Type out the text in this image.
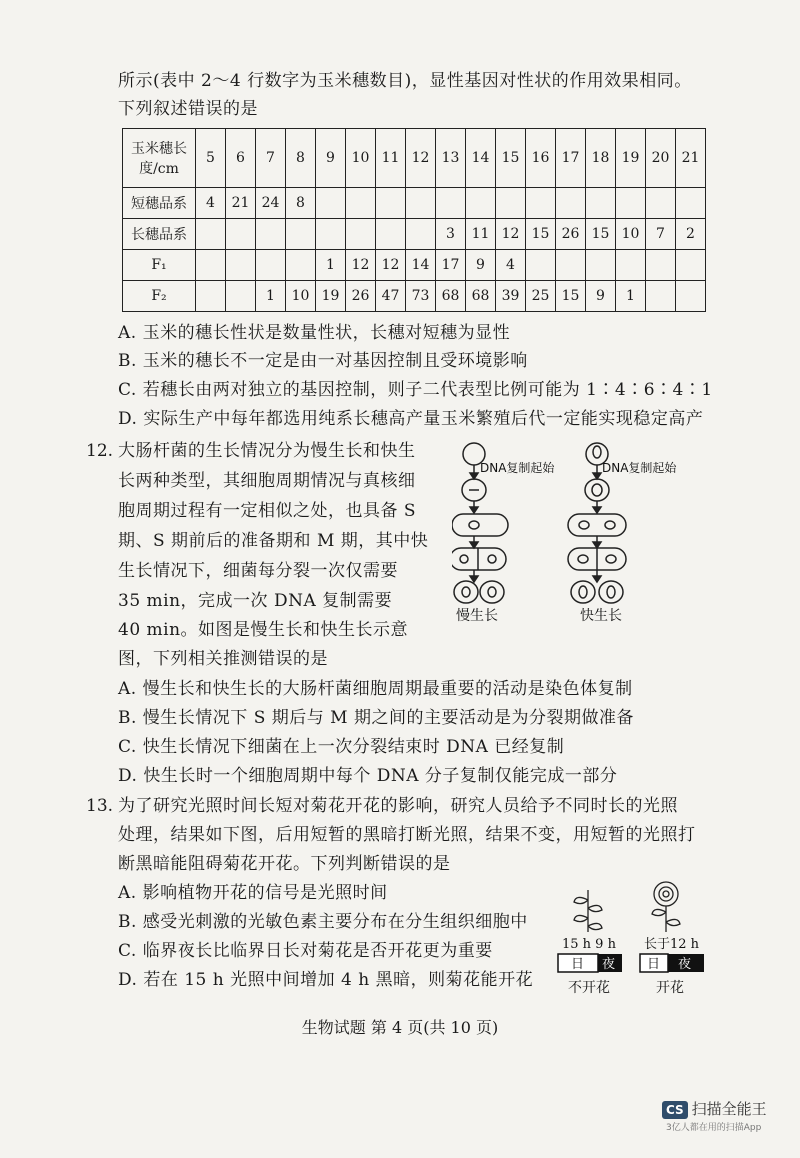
所示(表中 2～4 行数字为玉米穗数目)，显性基因对性状的作用效果相同。
下列叙述错误的是
玉米穗长度/cm	5	6	7	8	9	10	11	12	13	14	15	16	17	18	19	20	21
短穗品系	4	21	24	8													
长穗品系									3	11	12	15	26	15	10	7	2
F₁					1	12	12	14	17	9	4						
F₂			1	10	19	26	47	73	68	68	39	25	15	9	1		
A. 玉米的穗长性状是数量性状，长穗对短穗为显性
B. 玉米的穗长不一定是由一对基因控制且受环境影响
C. 若穗长由两对独立的基因控制，则子二代表型比例可能为 1∶4∶6∶4∶1
D. 实际生产中每年都选用纯系长穗高产量玉米繁殖后代一定能实现稳定高产
12. 大肠杆菌的生长情况分为慢生长和快生
长两种类型，其细胞周期情况与真核细
胞周期过程有一定相似之处，也具备 S
期、S 期前后的准备期和 M 期，其中快
生长情况下，细菌每分裂一次仅需要
35 min，完成一次 DNA 复制需要
40 min。如图是慢生长和快生长示意
图，下列相关推测错误的是
DNA复制起始	DNA复制起始
慢生长	快生长
A. 慢生长和快生长的大肠杆菌细胞周期最重要的活动是染色体复制
B. 慢生长情况下 S 期后与 M 期之间的主要活动是为分裂期做准备
C. 快生长情况下细菌在上一次分裂结束时 DNA 已经复制
D. 快生长时一个细胞周期中每个 DNA 分子复制仅能完成一部分
13. 为了研究光照时间长短对菊花开花的影响，研究人员给予不同时长的光照
处理，结果如下图，后用短暂的黑暗打断光照，结果不变，用短暂的光照打
断黑暗能阻碍菊花开花。下列判断错误的是
A. 影响植物开花的信号是光照时间
B. 感受光刺激的光敏色素主要分布在分生组织细胞中
C. 临界夜长比临界日长对菊花是否开花更为重要
D. 若在 15 h 光照中间增加 4 h 黑暗，则菊花能开花
15 h 9 h 长于12 h
日 夜 日 夜
不开花	开花
生物试题 第 4 页(共 10 页)
CS 扫描全能王
3亿人都在用的扫描App
